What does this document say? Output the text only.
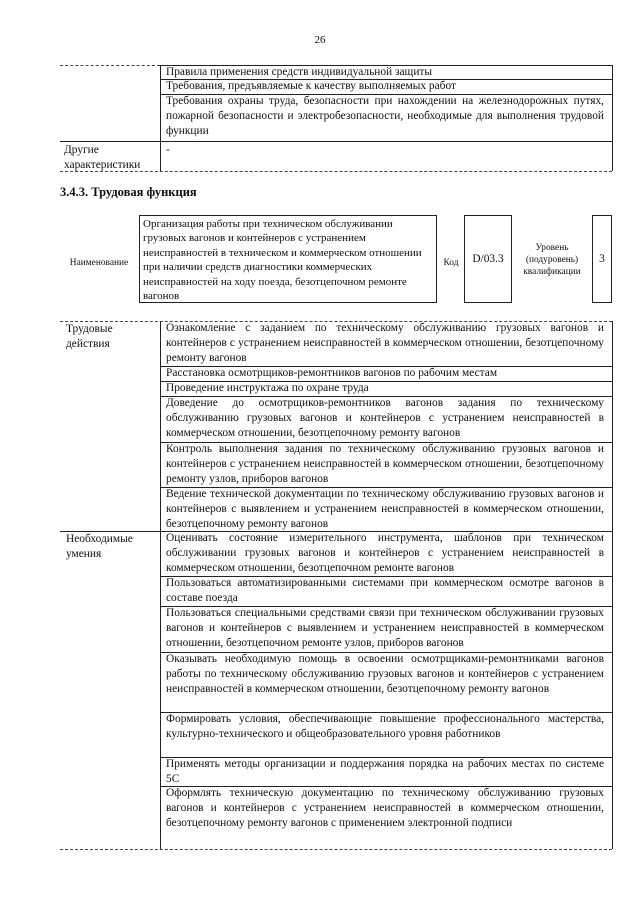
26
Правила применения средств индивидуальной защиты
Требования, предъявляемые к качеству выполняемых работ
Требования охраны труда, безопасности при нахождении на железнодорожных путях, пожарной безопасности и электробезопасности, необходимые для выполнения трудовой функции
Другие характеристики
-
3.4.3. Трудовая функция
Наименование
Организация работы при техническом обслуживании грузовых вагонов и контейнеров с устранением неисправностей в техническом и коммерческом отношении при наличии средств диагностики коммерческих неисправностей на ходу поезда, безотцепочном ремонте вагонов
Код	D/03.3
Уровень (подуровень) квалификации
3
Трудовые действия
Ознакомление с заданием по техническому обслуживанию грузовых вагонов и контейнеров с устранением неисправностей в коммерческом отношении, безотцепочному ремонту вагонов
Расстановка осмотрщиков-ремонтников вагонов по рабочим местам
Проведение инструктажа по охране труда
Доведение до осмотрщиков-ремонтников вагонов задания по техническому обслуживанию грузовых вагонов и контейнеров с устранением неисправностей в коммерческом отношении, безотцепочному ремонту вагонов
Контроль выполнения задания по техническому обслуживанию грузовых вагонов и контейнеров с устранением неисправностей в коммерческом отношении, безотцепочному ремонту узлов, приборов вагонов
Ведение технической документации по техническому обслуживанию грузовых вагонов и контейнеров с выявлением и устранением неисправностей в коммерческом отношении, безотцепочному ремонту вагонов
Необходимые умения
Оценивать состояние измерительного инструмента, шаблонов при техническом обслуживании грузовых вагонов и контейнеров с устранением неисправностей в коммерческом отношении, безотцепочном ремонте вагонов
Пользоваться автоматизированными системами при коммерческом осмотре вагонов в составе поезда
Пользоваться специальными средствами связи при техническом обслуживании грузовых вагонов и контейнеров с выявлением и устранением неисправностей в коммерческом отношении, безотцепочном ремонте узлов, приборов вагонов
Оказывать необходимую помощь в освоении осмотрщиками-ремонтниками вагонов работы по техническому обслуживанию грузовых вагонов и контейнеров с устранением неисправностей в коммерческом отношении, безотцепочному ремонту вагонов
Формировать условия, обеспечивающие повышение профессионального мастерства, культурно-технического и общеобразовательного уровня работников
Применять методы организации и поддержания порядка на рабочих местах по системе 5С
Оформлять техническую документацию по техническому обслуживанию грузовых вагонов и контейнеров с устранением неисправностей в коммерческом отношении, безотцепочному ремонту вагонов с применением электронной подписи
